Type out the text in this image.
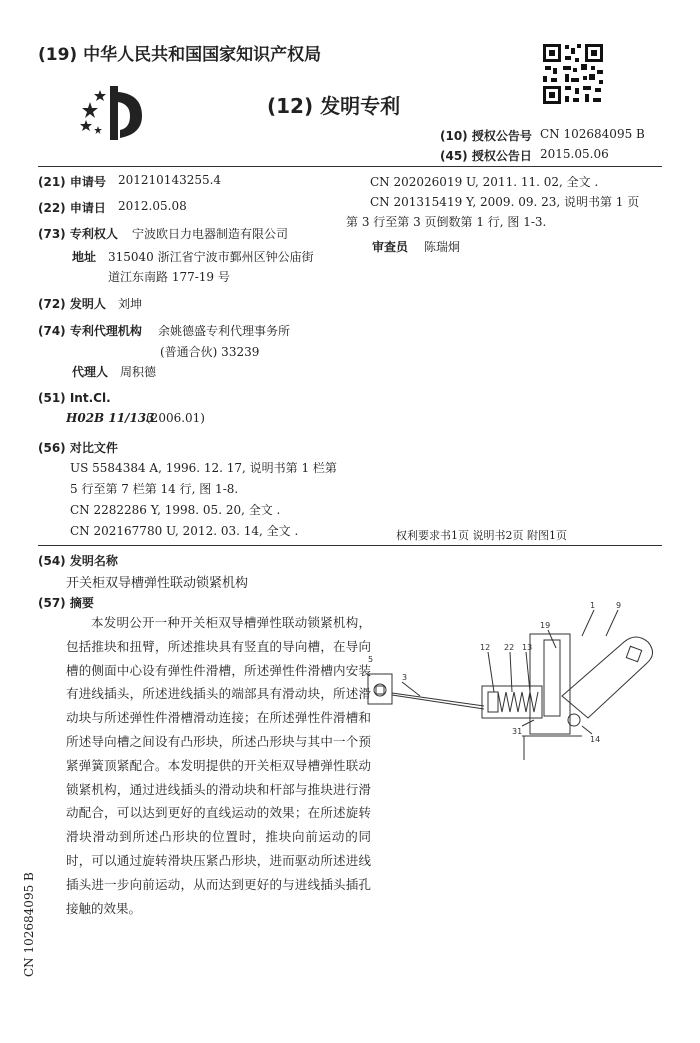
(19) 中华人民共和国国家知识产权局
(12) 发明专利
(10) 授权公告号 CN 102684095 B
(45) 授权公告日 2015.05.06
(21) 申请号 201210143255.4
(22) 申请日 2012.05.08
(73) 专利权人 宁波欧日力电器制造有限公司
地址 315040 浙江省宁波市鄞州区钟公庙街
道江东南路 177-19 号
(72) 发明人 刘坤
(74) 专利代理机构 余姚德盛专利代理事务所
(普通合伙) 33239
代理人 周积德
(51) Int.Cl.
H02B 11/133
(2006.01)
(56) 对比文件
US 5584384 A, 1996. 12. 17, 说明书第 1 栏第
5 行至第 7 栏第 14 行, 图 1-8.
CN 2282286 Y, 1998. 05. 20, 全文 .
CN 202167780 U, 2012. 03. 14, 全文 .
CN 202026019 U, 2011. 11. 02, 全文 .
CN 201315419 Y, 2009. 09. 23, 说明书第 1 页
第 3 行至第 3 页倒数第 1 行, 图 1-3.
审查员 陈瑞炯
权利要求书1页 说明书2页 附图1页
(54) 发明名称
开关柜双导槽弹性联动锁紧机构
(57) 摘要
本发明公开一种开关柜双导槽弹性联动锁紧机构，包括推块和扭臂，所述推块具有竖直的导向槽，在导向槽的侧面中心设有弹性件滑槽，所述弹性件滑槽内安装有进线插头，所述进线插头的端部具有滑动块，所述滑动块与所述弹性件滑槽滑动连接；在所述弹性件滑槽和所述导向槽之间设有凸形块，所述凸形块与其中一个预紧弹簧顶紧配合。本发明提供的开关柜双导槽弹性联动锁紧机构，通过进线插头的滑动块和杆部与推块进行滑动配合，可以达到更好的直线运动的效果；在所述旋转滑块滑动到所述凸形块的位置时，推块向前运动的同时，可以通过旋转滑块压紧凸形块，进而驱动所述进线插头进一步向前运动，从而达到更好的与进线插头插孔接触的效果。
1	9
19
12 22 13
5
3
31
14
CN 102684095 B
